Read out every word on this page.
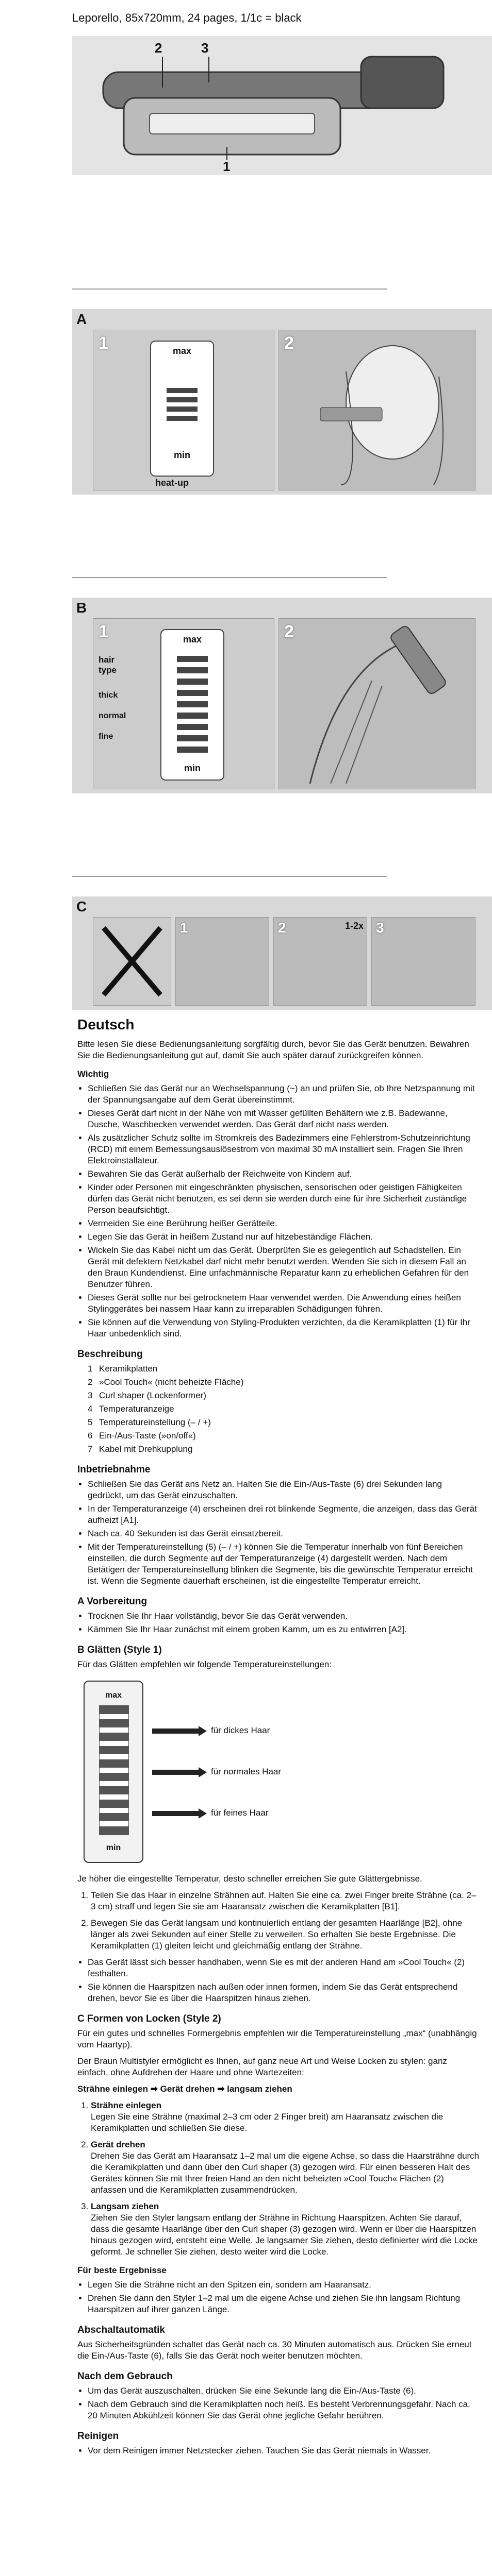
Leporello, 85x720mm, 24 pages, 1/1c = black
2	3
1
A
1	max
min
heat-up
2
B
1
hair type
thick
normal
fine
max
min
2
C
1	2	1-2x 3
Deutsch

Bitte lesen Sie diese Bedienungsanleitung sorgfältig durch, bevor Sie das Gerät benutzen. Bewahren Sie die Bedienungsanleitung gut auf, damit Sie auch später darauf zurückgreifen können.

Wichtig
• Schließen Sie das Gerät nur an Wechselspannung (~) an und prüfen Sie, ob Ihre Netzspannung mit der Spannungsangabe auf dem Gerät übereinstimmt.
• Dieses Gerät darf nicht in der Nähe von mit Wasser gefüllten Behältern wie z.B. Badewanne, Dusche, Waschbecken verwendet werden. Das Gerät darf nicht nass werden.
• Als zusätzlicher Schutz sollte im Stromkreis des Badezimmers eine Fehlerstrom-Schutzeinrichtung (RCD) mit einem Bemessungsauslösestrom von maximal 30 mA installiert sein. Fragen Sie Ihren Elektroinstallateur.
• Bewahren Sie das Gerät außerhalb der Reichweite von Kindern auf.
• Kinder oder Personen mit eingeschränkten physischen, sensorischen oder geistigen Fähigkeiten dürfen das Gerät nicht benutzen, es sei denn sie werden durch eine für ihre Sicherheit zuständige Person beaufsichtigt.
• Vermeiden Sie eine Berührung heißer Gerätteile.
• Legen Sie das Gerät in heißem Zustand nur auf hitzebeständige Flächen.
• Wickeln Sie das Kabel nicht um das Gerät. Überprüfen Sie es gelegentlich auf Schadstellen. Ein Gerät mit defektem Netzkabel darf nicht mehr benutzt werden. Wenden Sie sich in diesem Fall an den Braun Kundendienst. Eine unfachmännische Reparatur kann zu erheblichen Gefahren für den Benutzer führen.
• Dieses Gerät sollte nur bei getrocknetem Haar verwendet werden. Die Anwendung eines heißen Stylinggerätes bei nassem Haar kann zu irreparablen Schädigungen führen.
• Sie können auf die Verwendung von Styling-Produkten verzichten, da die Keramikplatten (1) für Ihr Haar unbedenklich sind.
Beschreibung
1 Keramikplatten
2 »Cool Touch« (nicht beheizte Fläche)
3 Curl shaper (Lockenformer)
4 Temperaturanzeige
5 Temperatureinstellung (– / +)
6 Ein-/Aus-Taste (»on/off«)
7 Kabel mit Drehkupplung
Inbetriebnahme
• Schließen Sie das Gerät ans Netz an. Halten Sie die Ein-/Aus-Taste (6) drei Sekunden lang gedrückt, um das Gerät einzuschalten.
• In der Temperaturanzeige (4) erscheinen drei rot blinkende Segmente, die anzeigen, dass das Gerät aufheizt [A1].
• Nach ca. 40 Sekunden ist das Gerät einsatzbereit.
• Mit der Temperatureinstellung (5) (– / +) können Sie die Temperatur innerhalb von fünf Bereichen einstellen, die durch Segmente auf der Temperaturanzeige (4) dargestellt werden. Nach dem Betätigen der Temperatureinstellung blinken die Segmente, bis die gewünschte Temperatur erreicht ist. Wenn die Segmente dauerhaft erscheinen, ist die eingestellte Temperatur erreicht.
A Vorbereitung
• Trocknen Sie Ihr Haar vollständig, bevor Sie das Gerät verwenden.
• Kämmen Sie Ihr Haar zunächst mit einem groben Kamm, um es zu entwirren [A2].
B Glätten (Style 1)

Für das Glätten empfehlen wir folgende Temperatureinstellungen:

max
min
für dickes Haar
für normales Haar
für feines Haar

Je höher die eingestellte Temperatur, desto schneller erreichen Sie gute Glättergebnisse.

1. Teilen Sie das Haar in einzelne Strähnen auf. Halten Sie eine ca. zwei Finger breite Strähne (ca. 2–3 cm) straff und legen Sie sie am Haaransatz zwischen die Keramikplatten [B1].
2. Bewegen Sie das Gerät langsam und kontinuierlich entlang der gesamten Haarlänge [B2], ohne länger als zwei Sekunden auf einer Stelle zu verweilen. So erhalten Sie beste Ergebnisse. Die Keramikplatten (1) gleiten leicht und gleichmäßig entlang der Strähne.
• Das Gerät lässt sich besser handhaben, wenn Sie es mit der anderen Hand am »Cool Touch« (2) festhalten.
• Sie können die Haarspitzen nach außen oder innen formen, indem Sie das Gerät entsprechend drehen, bevor Sie es über die Haarspitzen hinaus ziehen.
C Formen von Locken (Style 2)

Für ein gutes und schnelles Formergebnis empfehlen wir die Temperatureinstellung „max“ (unabhängig vom Haartyp).

Der Braun Multistyler ermöglicht es Ihnen, auf ganz neue Art und Weise Locken zu stylen: ganz einfach, ohne Aufdrehen der Haare und ohne Wartezeiten:

Strähne einlegen ➡ Gerät drehen ➡ langsam ziehen
1. Strähne einlegen
Legen Sie eine Strähne (maximal 2–3 cm oder 2 Finger breit) am Haaransatz zwischen die Keramikplatten und schließen Sie diese.
2. Gerät drehen
Drehen Sie das Gerät am Haaransatz 1–2 mal um die eigene Achse, so dass die Haarsträhne durch die Keramikplatten und dann über den Curl shaper (3) gezogen wird. Für einen besseren Halt des Gerätes können Sie mit Ihrer freien Hand an den nicht beheizten »Cool Touch« Flächen (2) anfassen und die Keramikplatten zusammendrücken.
3. Langsam ziehen
Ziehen Sie den Styler langsam entlang der Strähne in Richtung Haarspitzen. Achten Sie darauf, dass die gesamte Haarlänge über den Curl shaper (3) gezogen wird. Wenn er über die Haarspitzen hinaus gezogen wird, entsteht eine Welle. Je langsamer Sie ziehen, desto definierter wird die Locke geformt. Je schneller Sie ziehen, desto weiter wird die Locke.
Für beste Ergebnisse
• Legen Sie die Strähne nicht an den Spitzen ein, sondern am Haaransatz.
• Drehen Sie dann den Styler 1–2 mal um die eigene Achse und ziehen Sie ihn langsam Richtung Haarspitzen auf ihrer ganzen Länge.
Abschaltautomatik

Aus Sicherheitsgründen schaltet das Gerät nach ca. 30 Minuten automatisch aus. Drücken Sie erneut die Ein-/Aus-Taste (6), falls Sie das Gerät noch weiter benutzen möchten.

Nach dem Gebrauch
• Um das Gerät auszuschalten, drücken Sie eine Sekunde lang die Ein-/Aus-Taste (6).
• Nach dem Gebrauch sind die Keramikplatten noch heiß. Es besteht Verbrennungsgefahr. Nach ca. 20 Minuten Abkühlzeit können Sie das Gerät ohne jegliche Gefahr berühren.
Reinigen
• Vor dem Reinigen immer Netzstecker ziehen. Tauchen Sie das Gerät niemals in Wasser.
